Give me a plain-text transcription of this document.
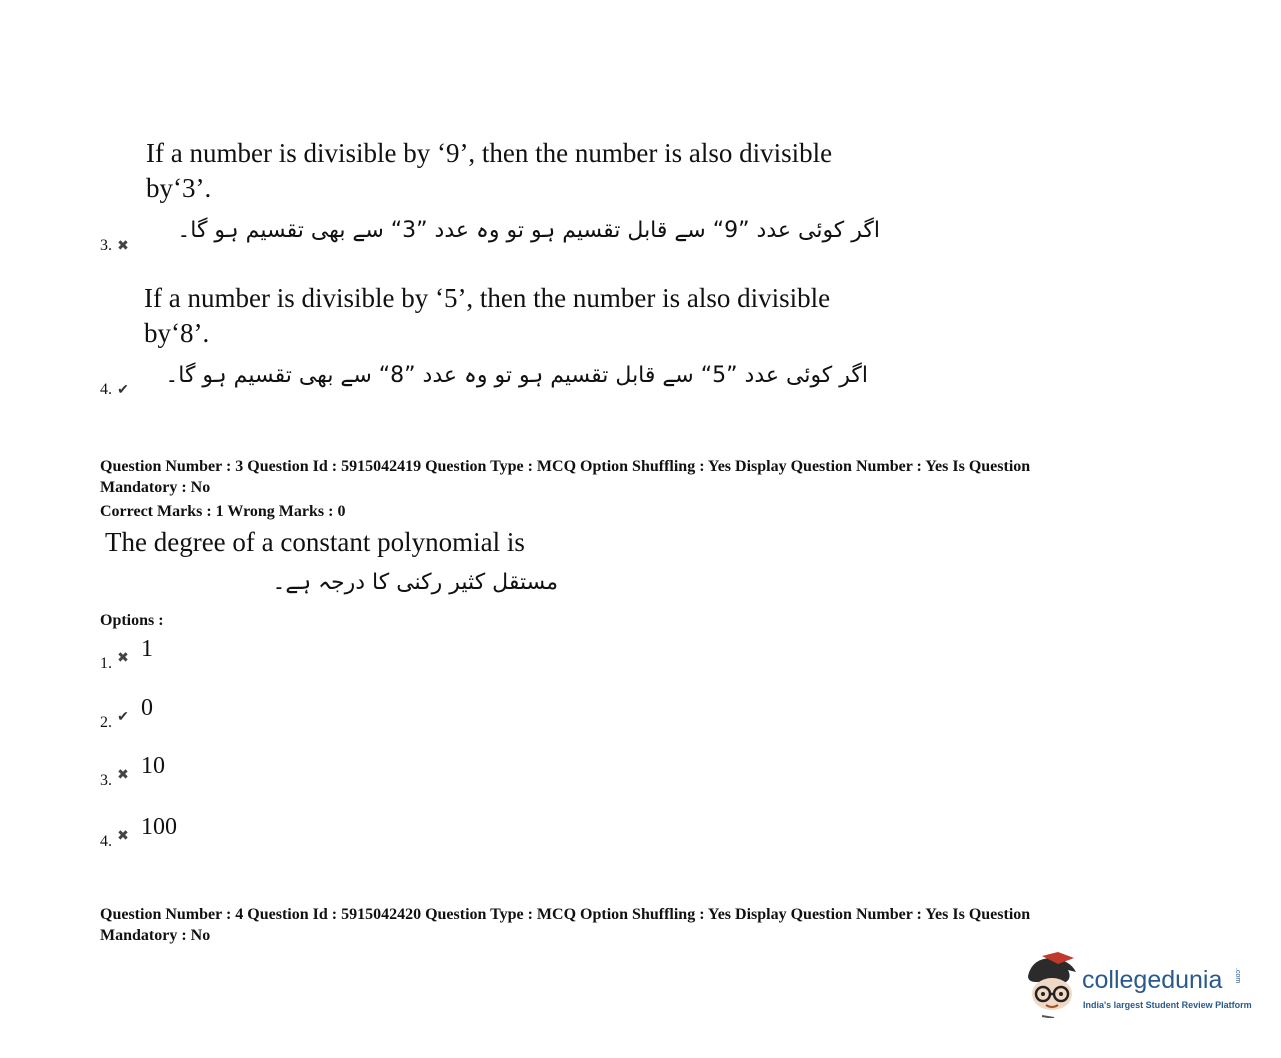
If a number is divisible by ‘9’, then the number is also divisible
by‘3’.
اگر کوئی عدد ”9“ سے قابل تقسیم ہو تو وہ عدد ”3“ سے بھی تقسیم ہو گا۔
3. ✖
If a number is divisible by ‘5’, then the number is also divisible
by‘8’.
اگر کوئی عدد ”5“ سے قابل تقسیم ہو تو وہ عدد ”8“ سے بھی تقسیم ہو گا۔
4. ✔
Question Number : 3 Question Id : 5915042419 Question Type : MCQ Option Shuffling : Yes Display Question Number : Yes Is Question
Mandatory : No
Correct Marks : 1 Wrong Marks : 0
The degree of a constant polynomial is
مستقل کثیر رکنی کا درجہ ہے۔
Options :
1. ✖ 1
2. ✔ 0
3. ✖ 10
4. ✖ 100
Question Number : 4 Question Id : 5915042420 Question Type : MCQ Option Shuffling : Yes Display Question Number : Yes Is Question
Mandatory : No
collegedunia .com
India's largest Student Review Platform
